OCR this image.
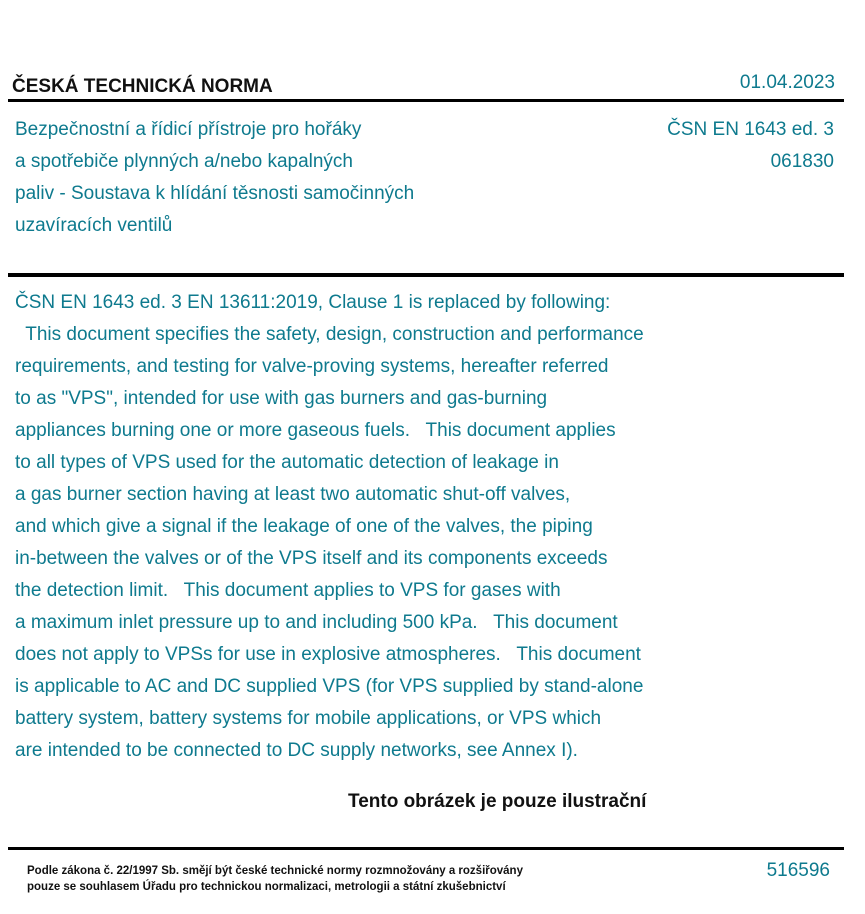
ČESKÁ TECHNICKÁ NORMA	01.04.2023
Bezpečnostní a řídicí přístroje pro hořáky
a spotřebiče plynných a/nebo kapalných
paliv - Soustava k hlídání těsnosti samočinných
uzavíracích ventilů
ČSN EN 1643 ed. 3
061830
ČSN EN 1643 ed. 3 EN 13611:2019, Clause 1 is replaced by following:
This document specifies the safety, design, construction and performance
requirements, and testing for valve-proving systems, hereafter referred
to as "VPS", intended for use with gas burners and gas-burning
appliances burning one or more gaseous fuels.   This document applies
to all types of VPS used for the automatic detection of leakage in
a gas burner section having at least two automatic shut-off valves,
and which give a signal if the leakage of one of the valves, the piping
in-between the valves or of the VPS itself and its components exceeds
the detection limit.   This document applies to VPS for gases with
a maximum inlet pressure up to and including 500 kPa.   This document
does not apply to VPSs for use in explosive atmospheres.   This document
is applicable to AC and DC supplied VPS (for VPS supplied by stand-alone
battery system, battery systems for mobile applications, or VPS which
are intended to be connected to DC supply networks, see Annex I).
Tento obrázek je pouze ilustrační
Podle zákona č. 22/1997 Sb. smějí být české technické normy rozmnožovány a rozšiřovány
pouze se souhlasem Úřadu pro technickou normalizaci, metrologii a státní zkušebnictví
516596
